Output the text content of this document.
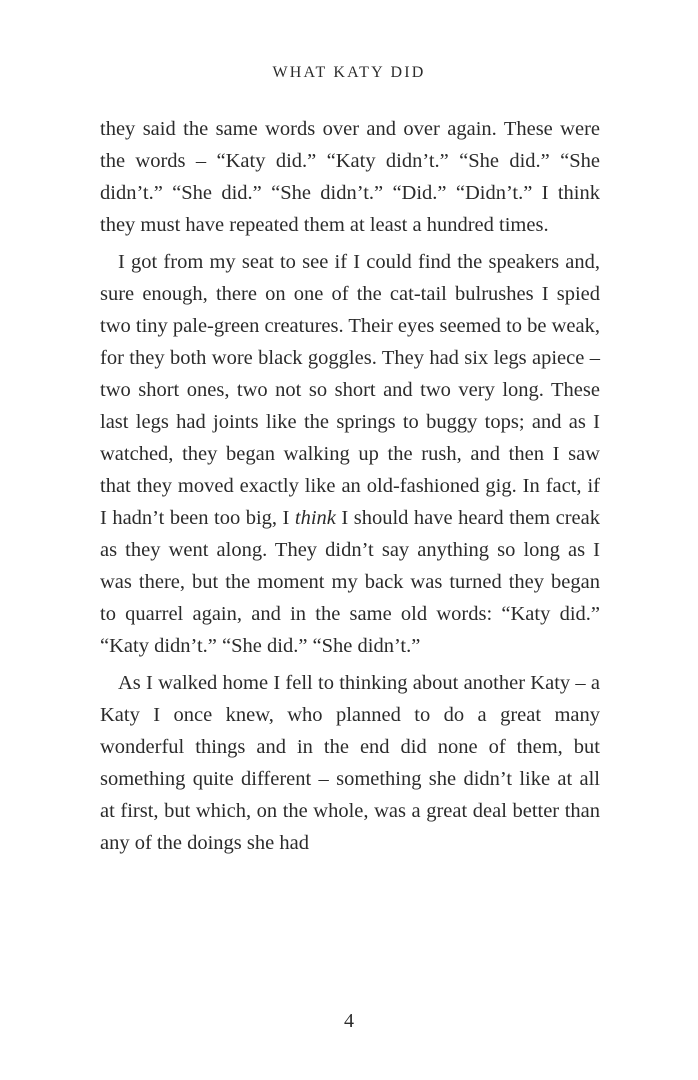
WHAT KATY DID

they said the same words over and over again. These were the words – “Katy did.” “Katy didn’t.” “She did.” “She didn’t.” “She did.” “She didn’t.” “Did.” “Didn’t.” I think they must have repeated them at least a hundred times.

I got from my seat to see if I could find the speakers and, sure enough, there on one of the cat-tail bulrushes I spied two tiny pale-green creatures. Their eyes seemed to be weak, for they both wore black goggles. They had six legs apiece – two short ones, two not so short and two very long. These last legs had joints like the springs to buggy tops; and as I watched, they began walking up the rush, and then I saw that they moved exactly like an old-fashioned gig. In fact, if I hadn’t been too big, I think I should have heard them creak as they went along. They didn’t say anything so long as I was there, but the moment my back was turned they began to quarrel again, and in the same old words: “Katy did.” “Katy didn’t.” “She did.” “She didn’t.”

As I walked home I fell to thinking about another Katy – a Katy I once knew, who planned to do a great many wonderful things and in the end did none of them, but something quite different – something she didn’t like at all at first, but which, on the whole, was a great deal better than any of the doings she had

4
